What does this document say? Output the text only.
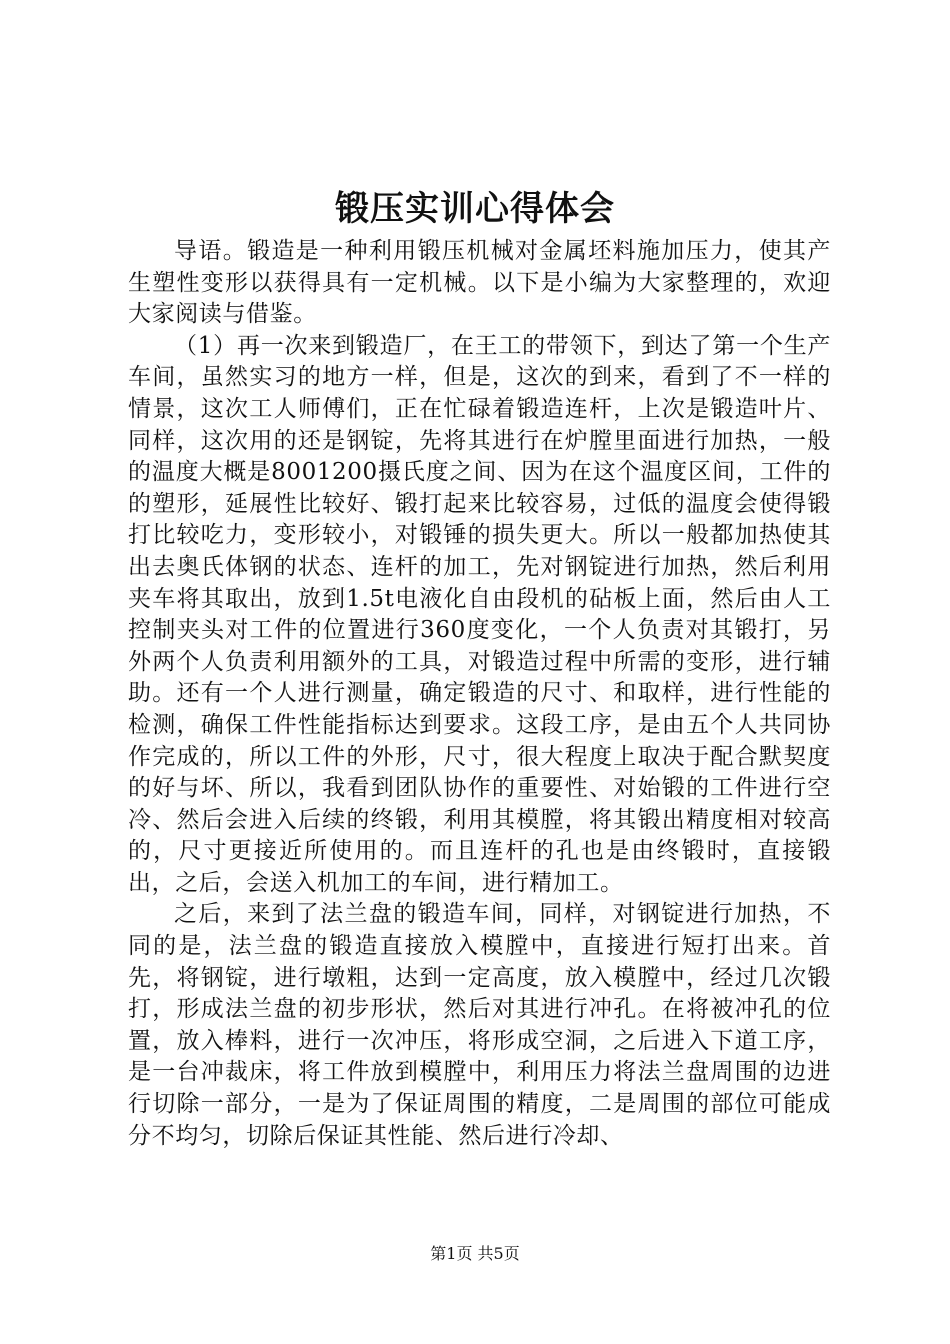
锻压实训心得体会

导语。锻造是一种利用锻压机械对金属坯料施加压力，使其产生塑性变形以获得具有一定机械。以下是小编为大家整理的，欢迎大家阅读与借鉴。

（1）再一次来到锻造厂，在王工的带领下，到达了第一个生产车间，虽然实习的地方一样，但是，这次的到来，看到了不一样的情景，这次工人师傅们，正在忙碌着锻造连杆，上次是锻造叶片、同样，这次用的还是钢锭，先将其进行在炉膛里面进行加热，一般的温度大概是8001200摄氏度之间、因为在这个温度区间，工件的的塑形，延展性比较好、锻打起来比较容易，过低的温度会使得锻打比较吃力，变形较小，对锻锤的损失更大。所以一般都加热使其出去奥氏体钢的状态、连杆的加工，先对钢锭进行加热，然后利用夹车将其取出，放到1.5t电液化自由段机的砧板上面，然后由人工控制夹头对工件的位置进行360度变化，一个人负责对其锻打，另外两个人负责利用额外的工具，对锻造过程中所需的变形，进行辅助。还有一个人进行测量，确定锻造的尺寸、和取样，进行性能的检测，确保工件性能指标达到要求。这段工序，是由五个人共同协作完成的，所以工件的外形，尺寸，很大程度上取决于配合默契度的好与坏、所以，我看到团队协作的重要性、对始锻的工件进行空冷、然后会进入后续的终锻，利用其模膛，将其锻出精度相对较高的，尺寸更接近所使用的。而且连杆的孔也是由终锻时，直接锻出，之后，会送入机加工的车间，进行精加工。

之后，来到了法兰盘的锻造车间，同样，对钢锭进行加热，不同的是，法兰盘的锻造直接放入模膛中，直接进行短打出来。首先，将钢锭，进行墩粗，达到一定高度，放入模膛中，经过几次锻打，形成法兰盘的初步形状，然后对其进行冲孔。在将被冲孔的位置，放入棒料，进行一次冲压，将形成空洞，之后进入下道工序，是一台冲裁床，将工件放到模膛中，利用压力将法兰盘周围的边进行切除一部分，一是为了保证周围的精度，二是周围的部位可能成分不均匀，切除后保证其性能、然后进行冷却、

第1页 共5页
